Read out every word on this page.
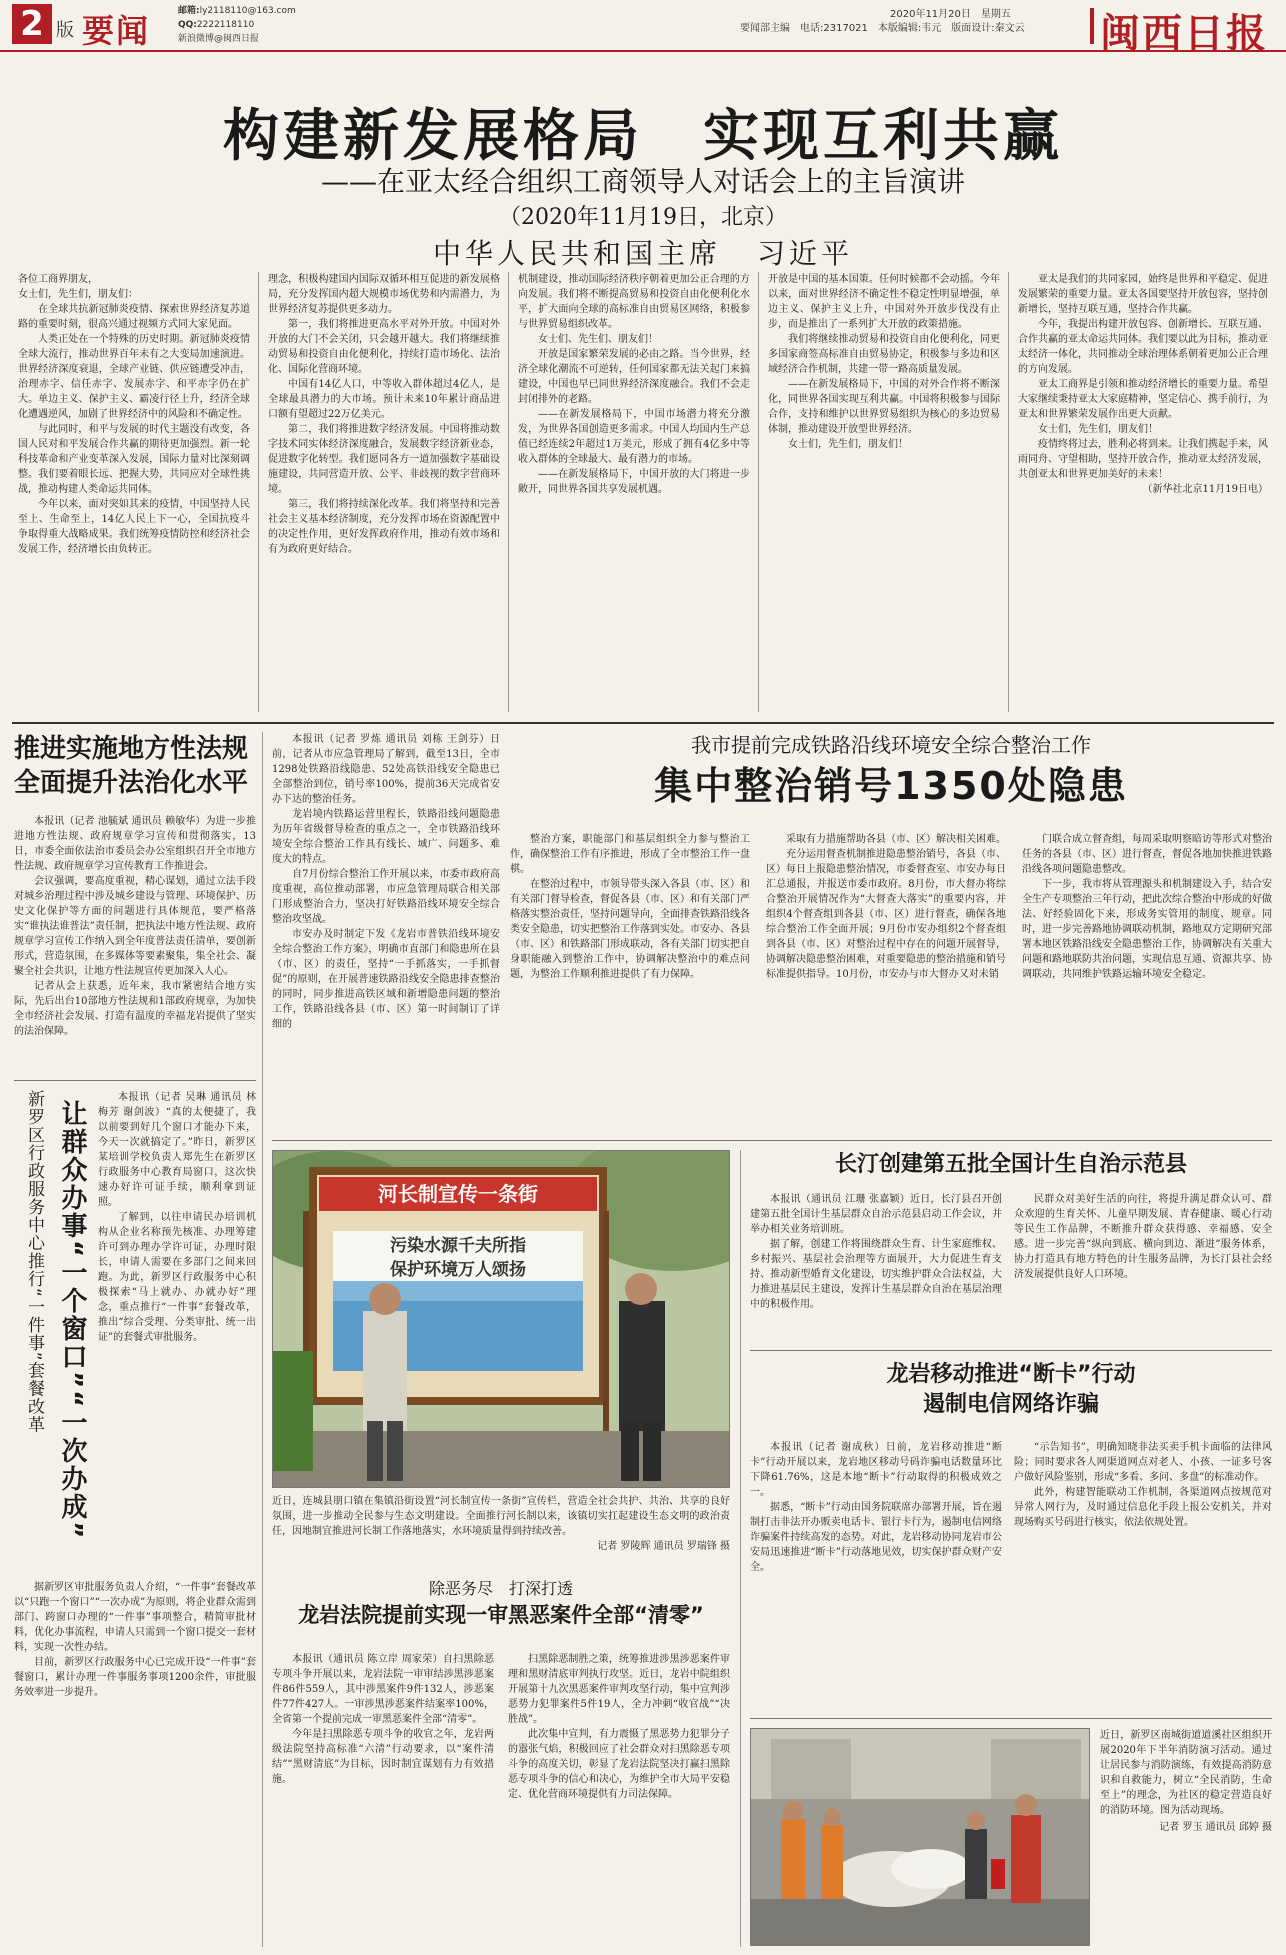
2 版 要闻
邮箱:ly2118110@163.com
QQ:2222118110
新浪微博@闽西日报
2020年11月20日　星期五
要闻部主编　电话:2317021　本版编辑:韦元　版面设计:秦文云 闽西日报
构建新发展格局 实现互利共赢
——在亚太经合组织工商领导人对话会上的主旨演讲
（2020年11月19日，北京）
中华人民共和国主席 习近平

各位工商界朋友，

女士们，先生们，朋友们：

在全球共抗新冠肺炎疫情、探索世界经济复苏道路的重要时刻，很高兴通过视频方式同大家见面。

人类正处在一个特殊的历史时期。新冠肺炎疫情全球大流行，推动世界百年未有之大变局加速演进。世界经济深度衰退，全球产业链、供应链遭受冲击，治理赤字、信任赤字、发展赤字、和平赤字仍在扩大。单边主义、保护主义、霸凌行径上升，经济全球化遭遇逆风，加剧了世界经济中的风险和不确定性。

与此同时，和平与发展的时代主题没有改变，各国人民对和平发展合作共赢的期待更加强烈。新一轮科技革命和产业变革深入发展，国际力量对比深刻调整。我们要着眼长远、把握大势，共同应对全球性挑战，推动构建人类命运共同体。

今年以来，面对突如其来的疫情，中国坚持人民至上、生命至上，14亿人民上下一心，全国抗疫斗争取得重大战略成果。我们统筹疫情防控和经济社会发展工作，经济增长由负转正。

理念，积极构建国内国际双循环相互促进的新发展格局，充分发挥国内超大规模市场优势和内需潜力，为世界经济复苏提供更多动力。

第一，我们将推进更高水平对外开放。中国对外开放的大门不会关闭，只会越开越大。我们将继续推动贸易和投资自由化便利化，持续打造市场化、法治化、国际化营商环境。

中国有14亿人口，中等收入群体超过4亿人，是全球最具潜力的大市场。预计未来10年累计商品进口额有望超过22万亿美元。

第二，我们将推进数字经济发展。中国将推动数字技术同实体经济深度融合，发展数字经济新业态，促进数字化转型。我们愿同各方一道加强数字基础设施建设，共同营造开放、公平、非歧视的数字营商环境。

第三，我们将持续深化改革。我们将坚持和完善社会主义基本经济制度，充分发挥市场在资源配置中的决定性作用，更好发挥政府作用，推动有效市场和有为政府更好结合。

机制建设，推动国际经济秩序朝着更加公正合理的方向发展。我们将不断提高贸易和投资自由化便利化水平，扩大面向全球的高标准自由贸易区网络，积极参与世界贸易组织改革。

女士们、先生们、朋友们！

开放是国家繁荣发展的必由之路。当今世界，经济全球化潮流不可逆转，任何国家都无法关起门来搞建设，中国也早已同世界经济深度融合。我们不会走封闭排外的老路。

——在新发展格局下，中国市场潜力将充分激发，为世界各国创造更多需求。中国人均国内生产总值已经连续2年超过1万美元，形成了拥有4亿多中等收入群体的全球最大、最有潜力的市场。

——在新发展格局下，中国开放的大门将进一步敞开，同世界各国共享发展机遇。

开放是中国的基本国策。任何时候都不会动摇。今年以来，面对世界经济不确定性不稳定性明显增强，单边主义、保护主义上升，中国对外开放步伐没有止步，而是推出了一系列扩大开放的政策措施。

我们将继续推动贸易和投资自由化便利化，同更多国家商签高标准自由贸易协定，积极参与多边和区域经济合作机制，共建一带一路高质量发展。

——在新发展格局下，中国的对外合作将不断深化，同世界各国实现互利共赢。中国将积极参与国际合作，支持和维护以世界贸易组织为核心的多边贸易体制，推动建设开放型世界经济。

女士们，先生们，朋友们！

亚太是我们的共同家园，始终是世界和平稳定、促进发展繁荣的重要力量。亚太各国要坚持开放包容，坚持创新增长，坚持互联互通，坚持合作共赢。

今年，我提出构建开放包容、创新增长、互联互通、合作共赢的亚太命运共同体。我们要以此为目标，推动亚太经济一体化，共同推动全球治理体系朝着更加公正合理的方向发展。

亚太工商界是引领和推动经济增长的重要力量。希望大家继续秉持亚太大家庭精神，坚定信心、携手前行，为亚太和世界繁荣发展作出更大贡献。

女士们，先生们，朋友们！

疫情终将过去，胜利必将到来。让我们携起手来，风雨同舟、守望相助，坚持开放合作，推动亚太经济发展，共创亚太和世界更加美好的未来！

（新华社北京11月19日电）

推进实施地方性法规
全面提升法治化水平

本报讯（记者 池毓斌 通讯员 赖敏华）为进一步推进地方性法规、政府规章学习宣传和贯彻落实，13日，市委全面依法治市委员会办公室组织召开全市地方性法规、政府规章学习宣传教育工作推进会。

会议强调，要高度重视，精心谋划，通过立法手段对城乡治理过程中涉及城乡建设与管理、环境保护、历史文化保护等方面的问题进行具体规范，要严格落实“谁执法谁普法”责任制，把执法中地方性法规、政府规章学习宣传工作纳入到全年度普法责任清单，要创新形式，营造氛围，在多媒体等要素聚集，集全社会、凝聚全社会共识，让地方性法规宣传更加深入人心。

记者从会上获悉，近年来，我市紧密结合地方实际，先后出台10部地方性法规和1部政府规章，为加快全市经济社会发展、打造有温度的幸福龙岩提供了坚实的法治保障。

本报讯（记者 罗炼 通讯员 刘栋 王剑芬）日前，记者从市应急管理局了解到，截至13日，全市1298处铁路沿线隐患、52处高铁沿线安全隐患已全部整治到位，销号率100%，提前36天完成省安办下达的整治任务。

龙岩境内铁路运营里程长，铁路沿线问题隐患为历年省级督导检查的重点之一，全市铁路沿线环境安全综合整治工作具有线长、域广、问题多、难度大的特点。

自7月份综合整治工作开展以来，市委市政府高度重视，高位推动部署，市应急管理局联合相关部门形成整治合力，坚决打好铁路沿线环境安全综合整治攻坚战。

市安办及时制定下发《龙岩市普铁沿线环境安全综合整治工作方案》，明确市直部门和隐患所在县（市、区）的责任，坚持“一手抓落实，一手抓督促”的原则，在开展普速铁路沿线安全隐患排查整治的同时，同步推进高铁区域和新增隐患问题的整治工作，铁路沿线各县（市、区）第一时间制订了详细的

我市提前完成铁路沿线环境安全综合整治工作
集中整治销号1350处隐患

整治方案，职能部门和基层组织全力参与整治工作，确保整治工作有序推进，形成了全市整治工作一盘棋。

在整治过程中，市领导带头深入各县（市、区）和有关部门督导检查，督促各县（市、区）和有关部门严格落实整治责任，坚持问题导向，全面排查铁路沿线各类安全隐患，切实把整治工作落到实处。市安办、各县（市、区）和铁路部门形成联动，各有关部门切实把自身职能融入到整治工作中，协调解决整治中的难点问题，为整治工作顺利推进提供了有力保障。

采取有力措施帮助各县（市、区）解决相关困难。

充分运用督查机制推进隐患整治销号，各县（市、区）每日上报隐患整治情况，市委督查室、市安办每日汇总通报，并报送市委市政府。8月份，市大督办将综合整治开展情况作为“大督查大落实”的重要内容，并组织4个督查组到各县（市、区）进行督查，确保各地综合整治工作全面开展；9月份市安办组织2个督查组到各县（市、区）对整治过程中存在的问题开展督导，协调解决隐患整治困难，对重要隐患的整治措施和销号标准提供指导。10月份，市安办与市大督办又对未销

门联合成立督查组，每周采取明察暗访等形式对整治任务的各县（市、区）进行督查，督促各地加快推进铁路沿线各项问题隐患整改。

下一步，我市将从管理源头和机制建设入手，结合安全生产专项整治三年行动，把此次综合整治中形成的好做法、好经验固化下来，形成务实管用的制度、规章。同时，进一步完善路地协调联动机制，路地双方定期研究部署本地区铁路沿线安全隐患整治工作，协调解决有关重大问题和路地联防共治问题，实现信息互通、资源共享、协调联动，共同维护铁路运输环境安全稳定。

新罗区行政服务中心推行“一件事”套餐改革 让群众办事“一个窗口”“一次办成”

本报讯（记者 吴琳 通讯员 林梅芳 谢剑波）“真的太便捷了，我以前要到好几个窗口才能办下来，今天一次就搞定了。”昨日，新罗区某培训学校负责人郑先生在新罗区行政服务中心教育局窗口，这次快速办好许可证手续，顺利拿到证照。

了解到，以往申请民办培训机构从企业名称预先核准、办理筹建许可到办理办学许可证，办理时限长，申请人需要在多部门之间来回跑。为此，新罗区行政服务中心积极探索“马上就办、办就办好”理念，重点推行“一件事”套餐改革，推出“综合受理、分类审批、统一出证”的套餐式审批服务。

据新罗区审批服务负责人介绍，“一件事”套餐改革以“只跑一个窗口”“一次办成”为原则，将企业群众需到部门、跨窗口办理的“一件事”事项整合，精简审批材料，优化办事流程，申请人只需到一个窗口提交一套材料，实现一次性办结。

目前，新罗区行政服务中心已完成开设“一件事”套餐窗口，累计办理一件事服务事项1200余件，审批服务效率进一步提升。

河长制宣传一条街
污染水源千夫所指
保护环境万人颂扬
近日，连城县朋口镇在集镇沿街设置“河长制宣传一条街”宣传栏，营造全社会共护、共治、共享的良好氛围，进一步推动全民参与生态文明建设。全面推行河长制以来，该镇切实扛起建设生态文明的政治责任，因地制宜推进河长制工作落地落实，水环境质量得到持续改善。
记者 罗陵辉 通讯员 罗瑞锋 摄
除恶务尽　打深打透
龙岩法院提前实现一审黑恶案件全部“清零”

本报讯（通讯员 陈立岸 周家荣）自扫黑除恶专项斗争开展以来，龙岩法院一审审结涉黑涉恶案件86件559人，其中涉黑案件9件132人，涉恶案件77件427人。一审涉黑涉恶案件结案率100%，全省第一个提前完成一审黑恶案件全部“清零”。

今年是扫黑除恶专项斗争的收官之年，龙岩两级法院坚持高标准“六清”行动要求，以“案件清结”“黑财清底”为目标，因时制宜谋划有力有效措施。

扫黑除恶制胜之策，统筹推进涉黑涉恶案件审理和黑财清底审判执行攻坚。近日，龙岩中院组织开展第十九次黑恶案件审判攻坚行动，集中宣判涉恶势力犯罪案件5件19人，全力冲刺“收官战”“决胜战”。

此次集中宣判，有力震慑了黑恶势力犯罪分子的嚣张气焰，积极回应了社会群众对扫黑除恶专项斗争的高度关切，彰显了龙岩法院坚决打赢扫黑除恶专项斗争的信心和决心，为维护全市大局平安稳定、优化营商环境提供有力司法保障。

长汀创建第五批全国计生自治示范县

本报讯（通讯员 江珊 张嘉颖）近日，长汀县召开创建第五批全国计生基层群众自治示范县启动工作会议，并举办相关业务培训班。

据了解，创建工作将围绕群众生育、计生家庭维权、乡村振兴、基层社会治理等方面展开，大力促进生育支持、推动新型婚育文化建设，切实维护群众合法权益，大力推进基层民主建设，发挥计生基层群众自治在基层治理中的积极作用。

民群众对美好生活的向往，将提升满足群众认可、群众欢迎的生育关怀、儿童早期发展、青春健康、暖心行动等民生工作品牌，不断推升群众获得感、幸福感、安全感。进一步完善“纵向到底、横向到边、渐进”服务体系，协力打造具有地方特色的计生服务品牌，为长汀县社会经济发展提供良好人口环境。

龙岩移动推进“断卡”行动
遏制电信网络诈骗

本报讯（记者 谢成秋）日前，龙岩移动推进“断卡”行动开展以来，龙岩地区移动号码诈骗电话数量环比下降61.76%，这是本地“断卡”行动取得的积极成效之一。

据悉，“断卡”行动由国务院联席办部署开展，旨在遏制打击非法开办贩卖电话卡、银行卡行为，遏制电信网络诈骗案件持续高发的态势。对此，龙岩移动协同龙岩市公安局迅速推进“断卡”行动落地见效，切实保护群众财产安全。

“示告知书”，明确知晓非法买卖手机卡面临的法律风险；同时要求各人网渠道网点对老人、小孩、一证多号客户做好风险鉴别，形成“多看、多问、多盘”的标准动作。

此外，构建智能联动工作机制，各渠道网点按规范对异常人网行为，及时通过信息化手段上报公安机关，并对现场购买号码进行核实，依法依规处置。

近日，新罗区南城街道道溪社区组织开展2020年下半年消防演习活动。通过让居民参与消防演练，有效提高消防意识和自救能力，树立“全民消防，生命至上”的理念，为社区的稳定营造良好的消防环境。图为活动现场。
记者 罗玉 通讯员 邱婷 摄
